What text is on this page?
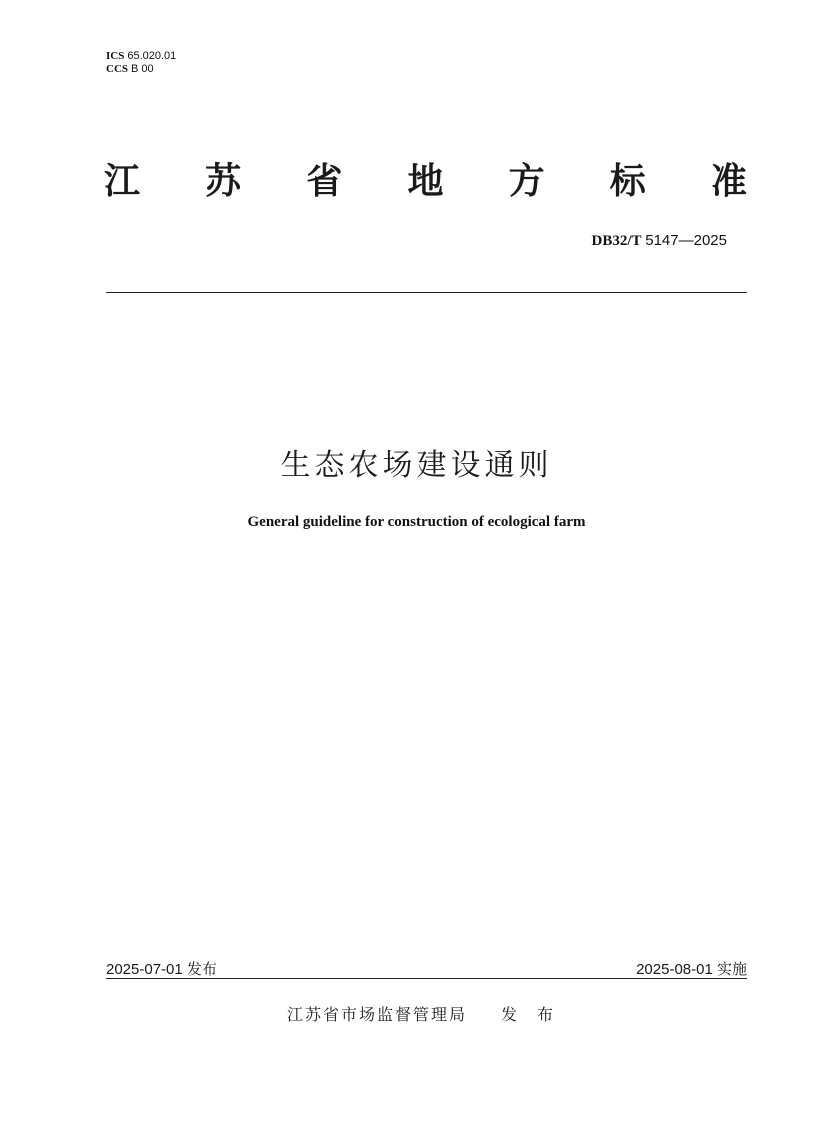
ICS 65.020.01
CCS B 00
江 苏 省 地 方 标 准
DB32/T 5147—2025
生态农场建设通则
General guideline for construction of ecological farm
2025-07-01 发布	2025-08-01 实施
江苏省市场监督管理局 发布
